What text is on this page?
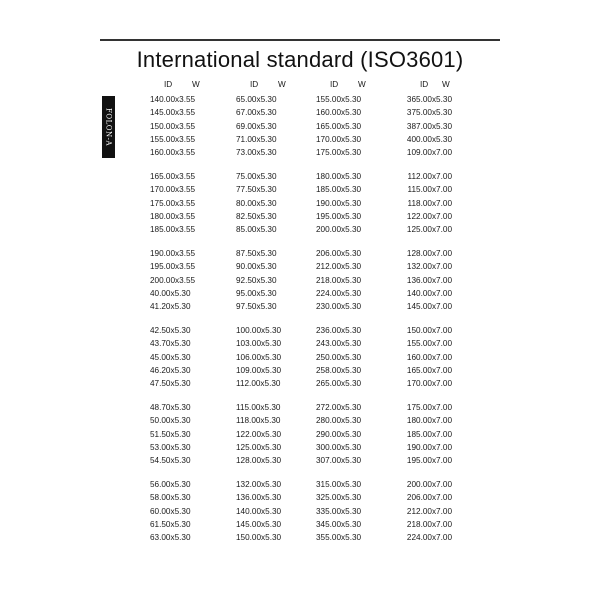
International standard (ISO3601)
FOLON-A
ID W
140.00x3.55
145.00x3.55
150.00x3.55
155.00x3.55
160.00x3.55
165.00x3.55
170.00x3.55
175.00x3.55
180.00x3.55
185.00x3.55
190.00x3.55
195.00x3.55
200.00x3.55
40.00x5.30
41.20x5.30
42.50x5.30
43.70x5.30
45.00x5.30
46.20x5.30
47.50x5.30
48.70x5.30
50.00x5.30
51.50x5.30
53.00x5.30
54.50x5.30
56.00x5.30
58.00x5.30
60.00x5.30
61.50x5.30
63.00x5.30
ID W
65.00x5.30
67.00x5.30
69.00x5.30
71.00x5.30
73.00x5.30
75.00x5.30
77.50x5.30
80.00x5.30
82.50x5.30
85.00x5.30
87.50x5.30
90.00x5.30
92.50x5.30
95.00x5.30
97.50x5.30
100.00x5.30
103.00x5.30
106.00x5.30
109.00x5.30
112.00x5.30
115.00x5.30
118.00x5.30
122.00x5.30
125.00x5.30
128.00x5.30
132.00x5.30
136.00x5.30
140.00x5.30
145.00x5.30
150.00x5.30
ID W
155.00x5.30
160.00x5.30
165.00x5.30
170.00x5.30
175.00x5.30
180.00x5.30
185.00x5.30
190.00x5.30
195.00x5.30
200.00x5.30
206.00x5.30
212.00x5.30
218.00x5.30
224.00x5.30
230.00x5.30
236.00x5.30
243.00x5.30
250.00x5.30
258.00x5.30
265.00x5.30
272.00x5.30
280.00x5.30
290.00x5.30
300.00x5.30
307.00x5.30
315.00x5.30
325.00x5.30
335.00x5.30
345.00x5.30
355.00x5.30
ID W
365.00x5.30
375.00x5.30
387.00x5.30
400.00x5.30
109.00x7.00
112.00x7.00
115.00x7.00
118.00x7.00
122.00x7.00
125.00x7.00
128.00x7.00
132.00x7.00
136.00x7.00
140.00x7.00
145.00x7.00
150.00x7.00
155.00x7.00
160.00x7.00
165.00x7.00
170.00x7.00
175.00x7.00
180.00x7.00
185.00x7.00
190.00x7.00
195.00x7.00
200.00x7.00
206.00x7.00
212.00x7.00
218.00x7.00
224.00x7.00
